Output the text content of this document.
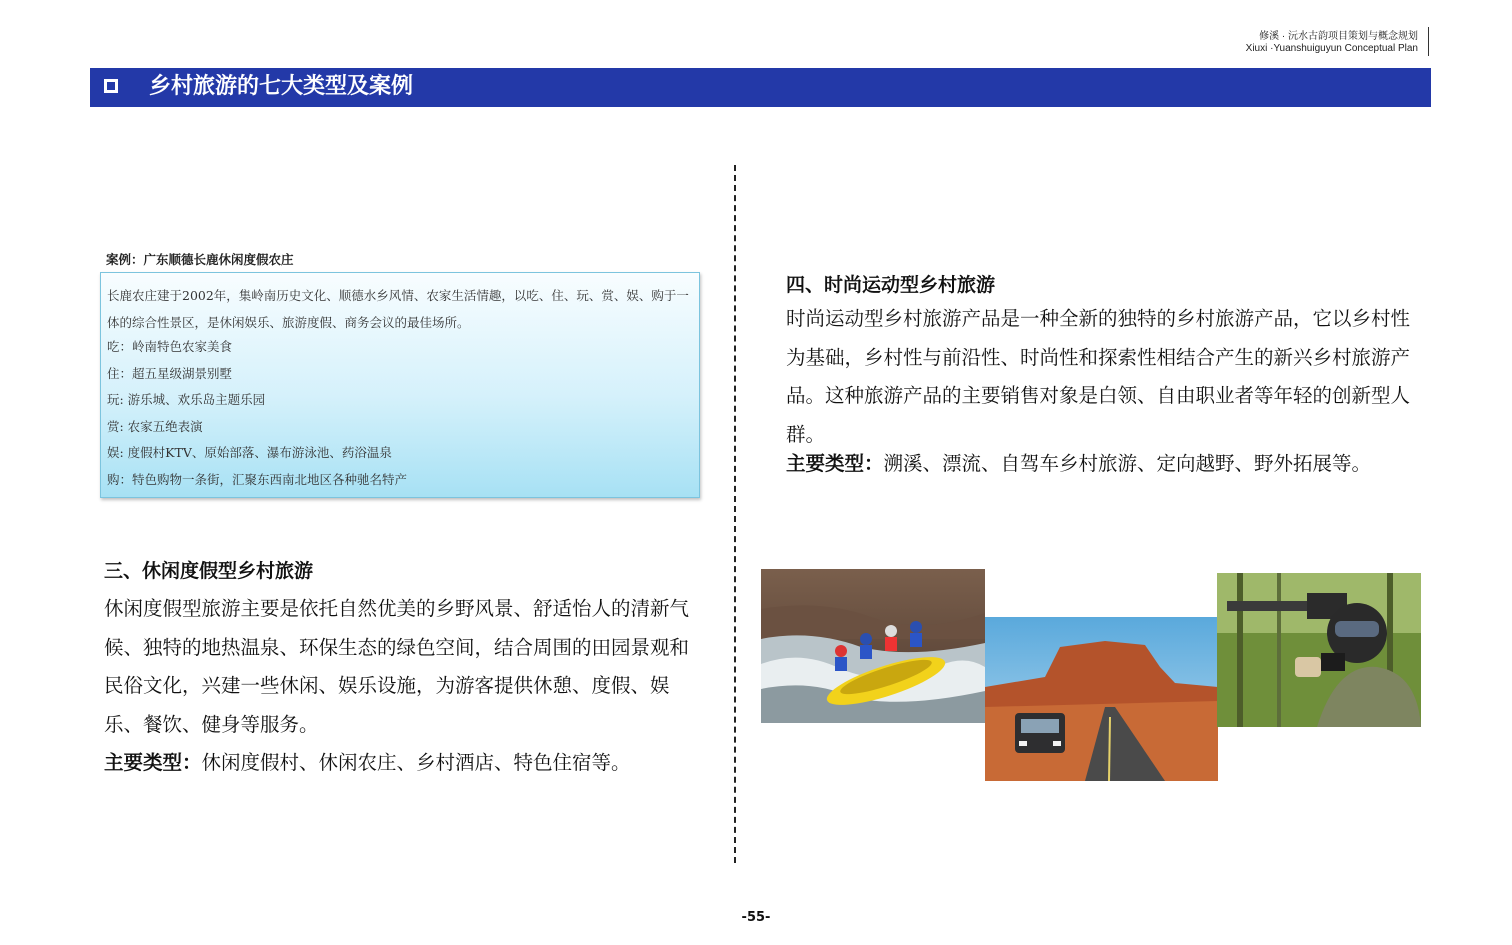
修溪 · 沅水古韵项目策划与概念规划
Xiuxi ·Yuanshuiguyun Conceptual Plan
乡村旅游的七大类型及案例
案例：广东顺德长鹿休闲度假农庄
长鹿农庄建于2002年，集岭南历史文化、顺德水乡风情、农家生活情趣，以吃、住、玩、赏、娱、购于一体的综合性景区，是休闲娱乐、旅游度假、商务会议的最佳场所。
吃：岭南特色农家美食
住：超五星级湖景别墅
玩: 游乐城、欢乐岛主题乐园
赏: 农家五绝表演
娱: 度假村KTV、原始部落、瀑布游泳池、药浴温泉
购：特色购物一条街，汇聚东西南北地区各种驰名特产
三、休闲度假型乡村旅游
休闲度假型旅游主要是依托自然优美的乡野风景、舒适怡人的清新气候、独特的地热温泉、环保生态的绿色空间，结合周围的田园景观和民俗文化，兴建一些休闲、娱乐设施，为游客提供休憩、度假、娱乐、餐饮、健身等服务。
主要类型：休闲度假村、休闲农庄、乡村酒店、特色住宿等。
四、时尚运动型乡村旅游
时尚运动型乡村旅游产品是一种全新的独特的乡村旅游产品，它以乡村性为基础，乡村性与前沿性、时尚性和探索性相结合产生的新兴乡村旅游产品。这种旅游产品的主要销售对象是白领、自由职业者等年轻的创新型人群。
主要类型：溯溪、漂流、自驾车乡村旅游、定向越野、野外拓展等。
-55-
